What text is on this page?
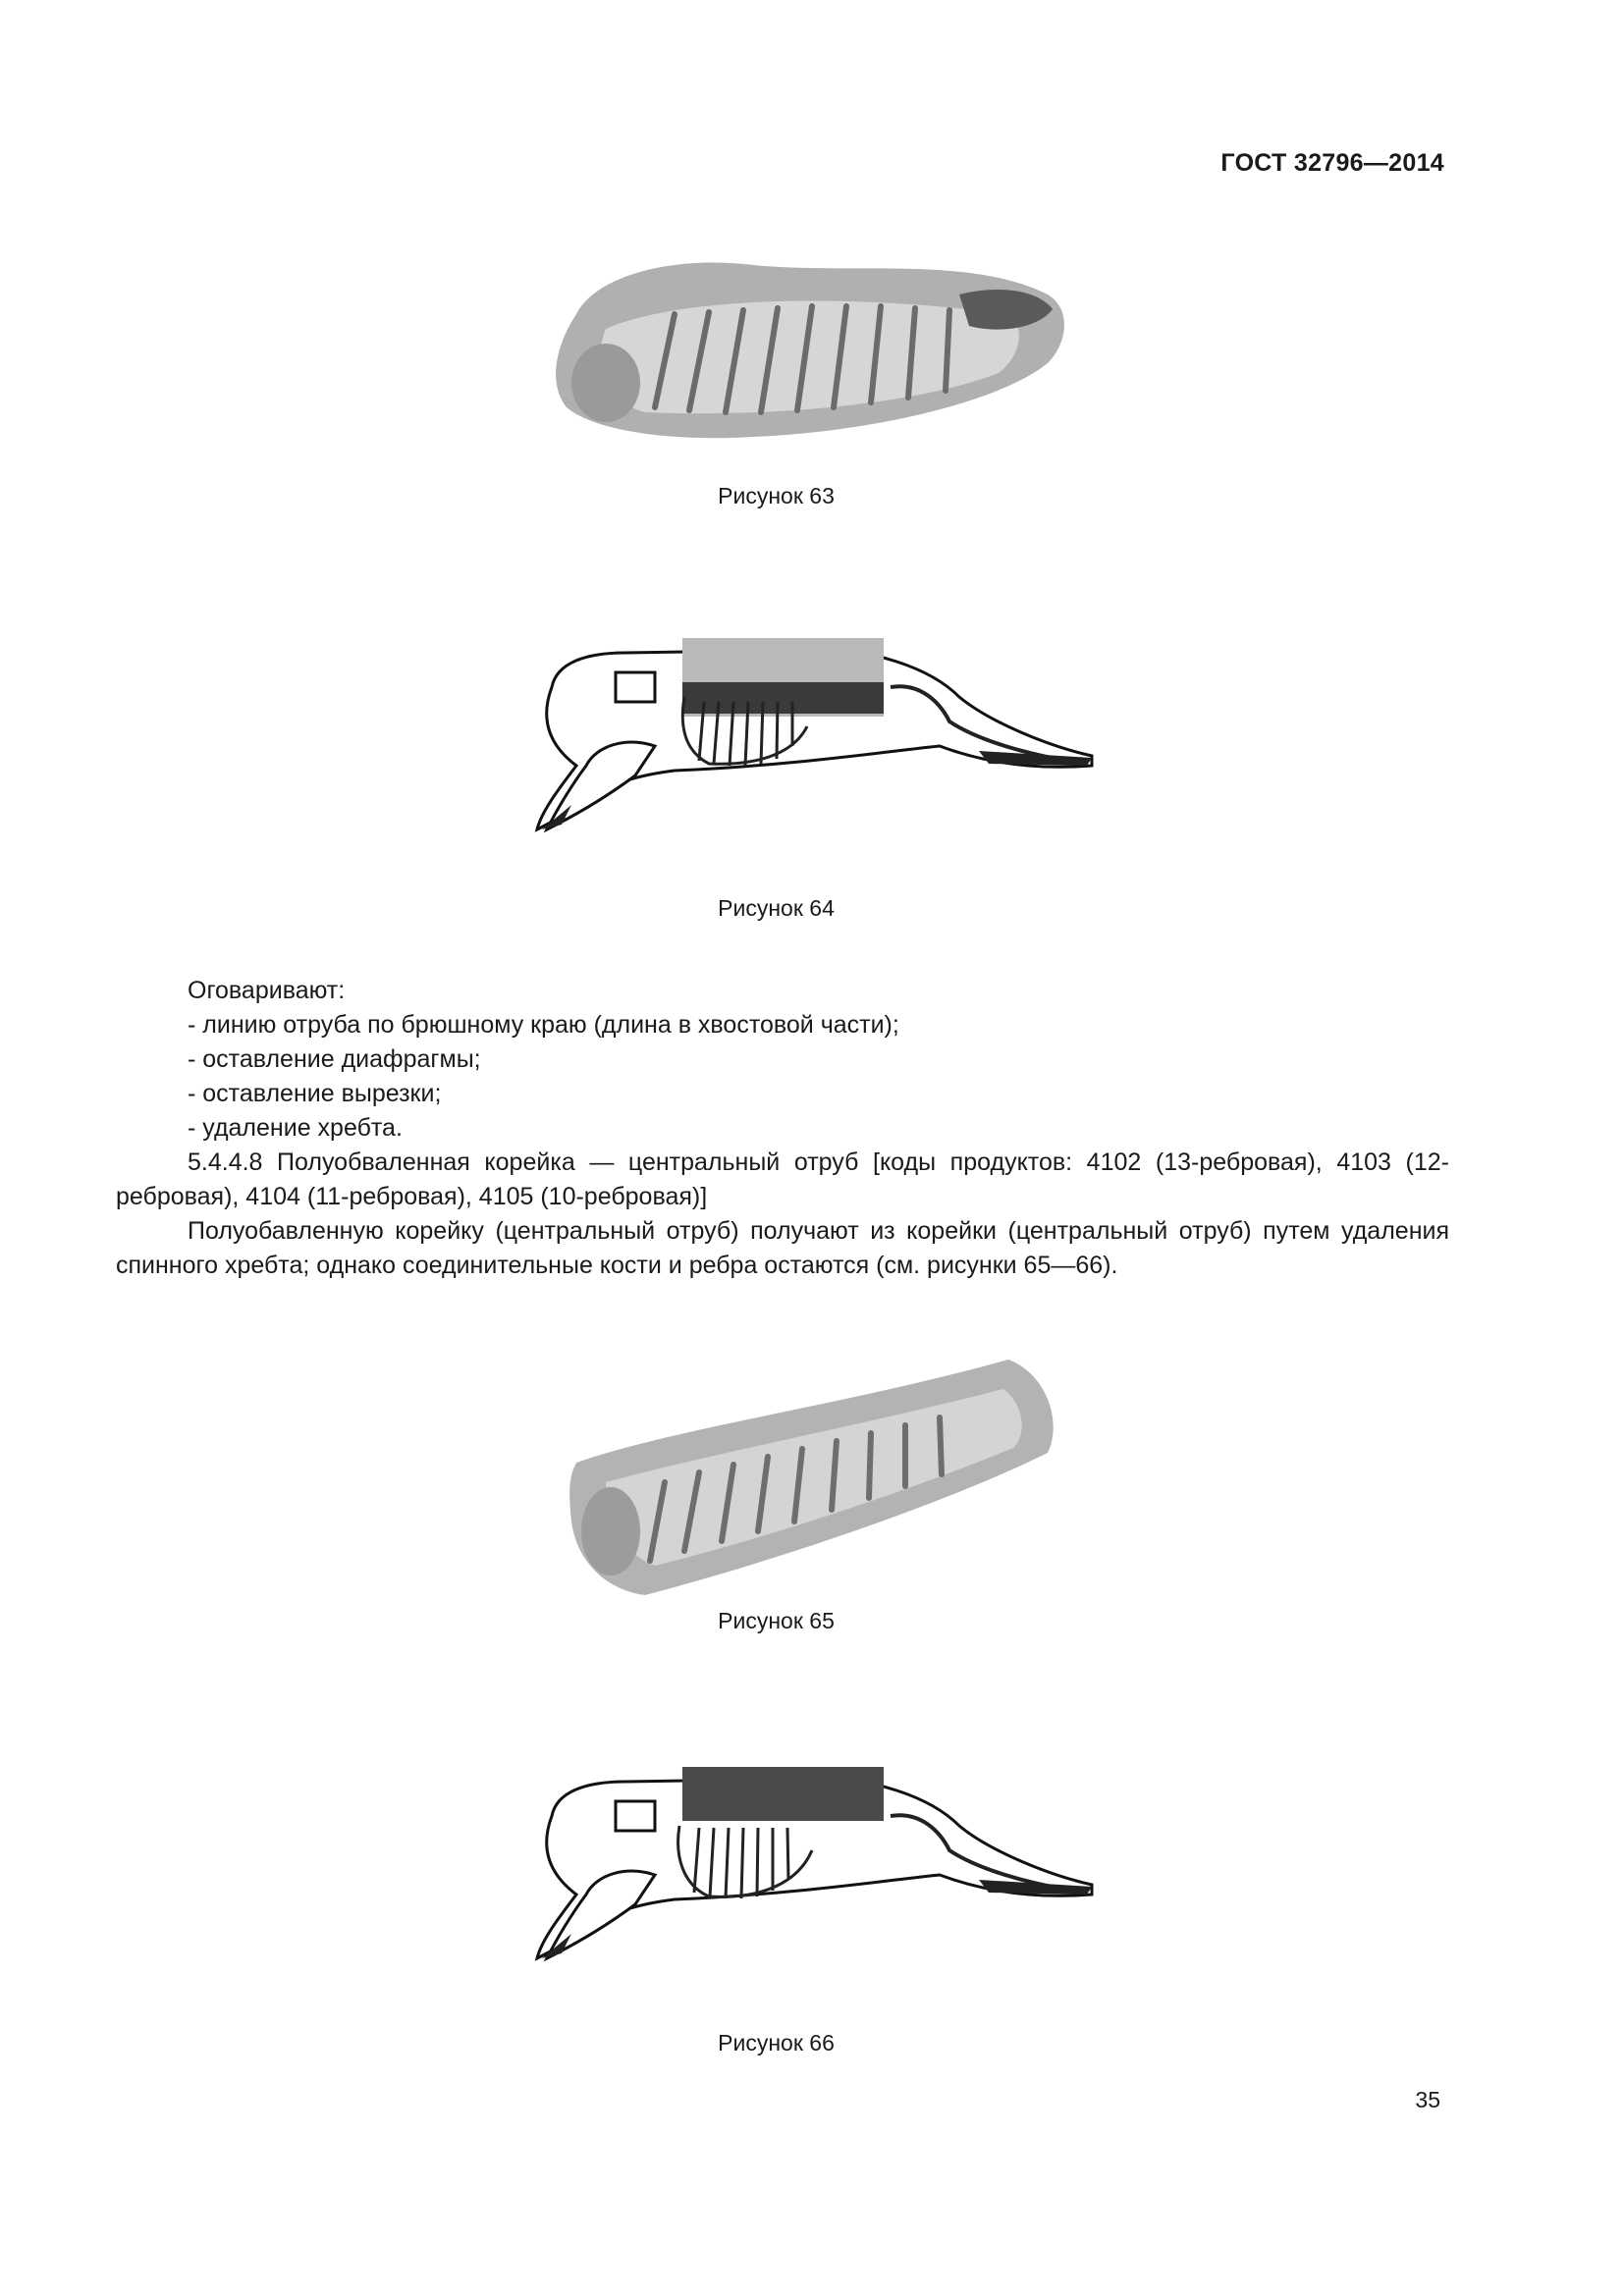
ГОСТ 32796—2014
Рисунок 63
Рисунок 64

Оговаривают:

- линию отруба по брюшному краю (длина в хвостовой части);

- оставление диафрагмы;

- оставление вырезки;

- удаление хребта.

5.4.4.8 Полуобваленная корейка — центральный отруб [коды продуктов: 4102 (13-ребровая), 4103 (12-ребровая), 4104 (11-ребровая), 4105 (10-ребровая)]

Полуобавленную корейку (центральный отруб) получают из корейки (центральный отруб) путем удаления спинного хребта; однако соединительные кости и ребра остаются (см. рисунки 65—66).

Рисунок 65
Рисунок 66
35
